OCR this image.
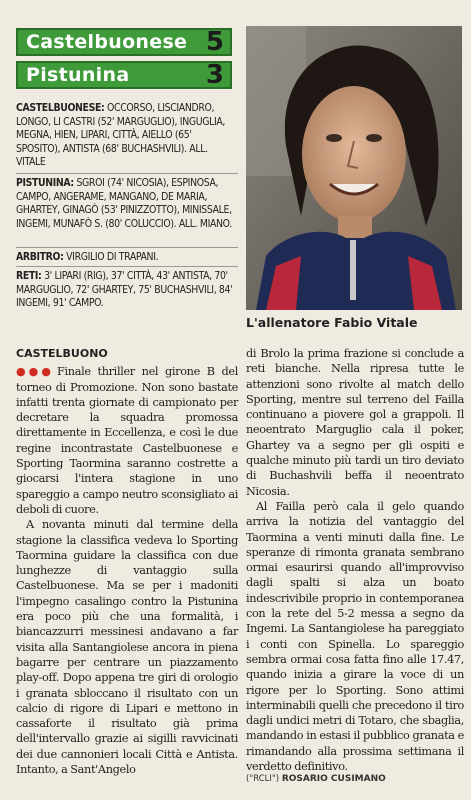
Castelbuonese 5
Pistunina	3
CASTELBUONESE: OCCORSO, LISCIANDRO, LONGO, LI CASTRI (52' MARGUGLIO), INGUGLIA, MEGNA, HIEN, LIPARI, CITTÀ, AIELLO (65' SPOSITO), ANTISTA (68' BUCHASHVILI). ALL. VITALE
PISTUNINA: SGROI (74' NICOSIA), ESPINOSA, CAMPO, ANGERAME, MANGANO, DE MARIA, GHARTEY, GINAGÒ (53' PINIZZOTTO), MINISSALE, INGEMI, MUNAFÒ S. (80' COLUCCIO). ALL. MIANO.
ARBITRO: VIRGILIO DI TRAPANI.
RETI: 3' LIPARI (RIG), 37' CITTÀ, 43' ANTISTA, 70' MARGUGLIO, 72' GHARTEY, 75' BUCHASHVILI, 84' INGEMI, 91' CAMPO.
L'allenatore Fabio Vitale
CASTELBUONO

●●● Finale thriller nel girone B del torneo di Promozione. Non sono bastate infatti trenta giornate di campionato per decretare la squadra promossa direttamente in Eccellenza, e così le due regine incontrastate Castelbuonese e Sporting Taormina saranno costrette a giocarsi l'intera stagione in uno spareggio a campo neutro sconsigliato ai deboli di cuore.

A novanta minuti dal termine della stagione la classifica vedeva lo Sporting Taormina guidare la classifica con due lunghezze di vantaggio sulla Castelbuonese. Ma se per i madoniti l'impegno casalingo contro la Pistunina era poco più che una formalità, i biancazzurri messinesi andavano a far visita alla Santangiolese ancora in piena bagarre per centrare un piazzamento play-off. Dopo appena tre giri di orologio i granata sbloccano il risultato con un calcio di rigore di Lipari e mettono in cassaforte il risultato già prima dell'intervallo grazie ai sigilli ravvicinati dei due cannonieri locali Città e Antista. Intanto, a Sant'Angelo

di Brolo la prima frazione si conclude a reti bianche. Nella ripresa tutte le attenzioni sono rivolte al match dello Sporting, mentre sul terreno del Failla continuano a piovere gol a grappoli. Il neoentrato Marguglio cala il poker, Ghartey va a segno per gli ospiti e qualche minuto più tardi un tiro deviato di Buchashvili beffa il neoentrato Nicosia.

Al Failla però cala il gelo quando arriva la notizia del vantaggio del Taormina a venti minuti dalla fine. Le speranze di rimonta granata sembrano ormai esaurirsi quando all'improvviso dagli spalti si alza un boato indescrivibile proprio in contemporanea con la rete del 5-2 messa a segno da Ingemi. La Santangiolese ha pareggiato i conti con Spinella. Lo spareggio sembra ormai cosa fatta fino alle 17.47, quando inizia a girare la voce di un rigore per lo Sporting. Sono attimi interminabili quelli che precedono il tiro dagli undici metri di Totaro, che sbaglia, mandando in estasi il pubblico granata e rimandando alla prossima settimana il verdetto definitivo.

("RCLI") ROSARIO CUSIMANO
